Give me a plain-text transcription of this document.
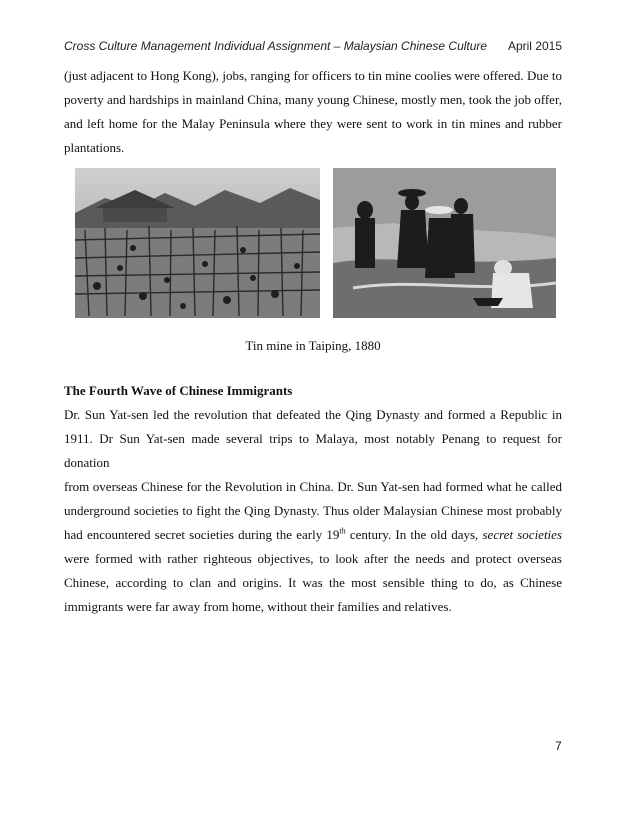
Cross Culture Management Individual Assignment – Malaysian Chinese Culture April 2015
(just adjacent to Hong Kong), jobs, ranging for officers to tin mine coolies were offered. Due to
poverty and hardships in mainland China, many young Chinese, mostly men, took the job offer,
and left home for the Malay Peninsula where they were sent to work in tin mines and rubber
plantations.
Tin mine in Taiping, 1880
The Fourth Wave of Chinese Immigrants
Dr. Sun Yat-sen led the revolution that defeated the Qing Dynasty and formed a Republic in
1911. Dr Sun Yat-sen made several trips to Malaya, most notably Penang to request for donation
from overseas Chinese for the Revolution in China. Dr. Sun Yat-sen had formed what he called
underground societies to fight the Qing Dynasty. Thus older Malaysian Chinese most probably
had encountered secret societies during the early 19th century. In the old days, secret societies
were formed with rather righteous objectives, to look after the needs and protect overseas
Chinese, according to clan and origins. It was the most sensible thing to do, as Chinese
immigrants were far away from home, without their families and relatives.
7
